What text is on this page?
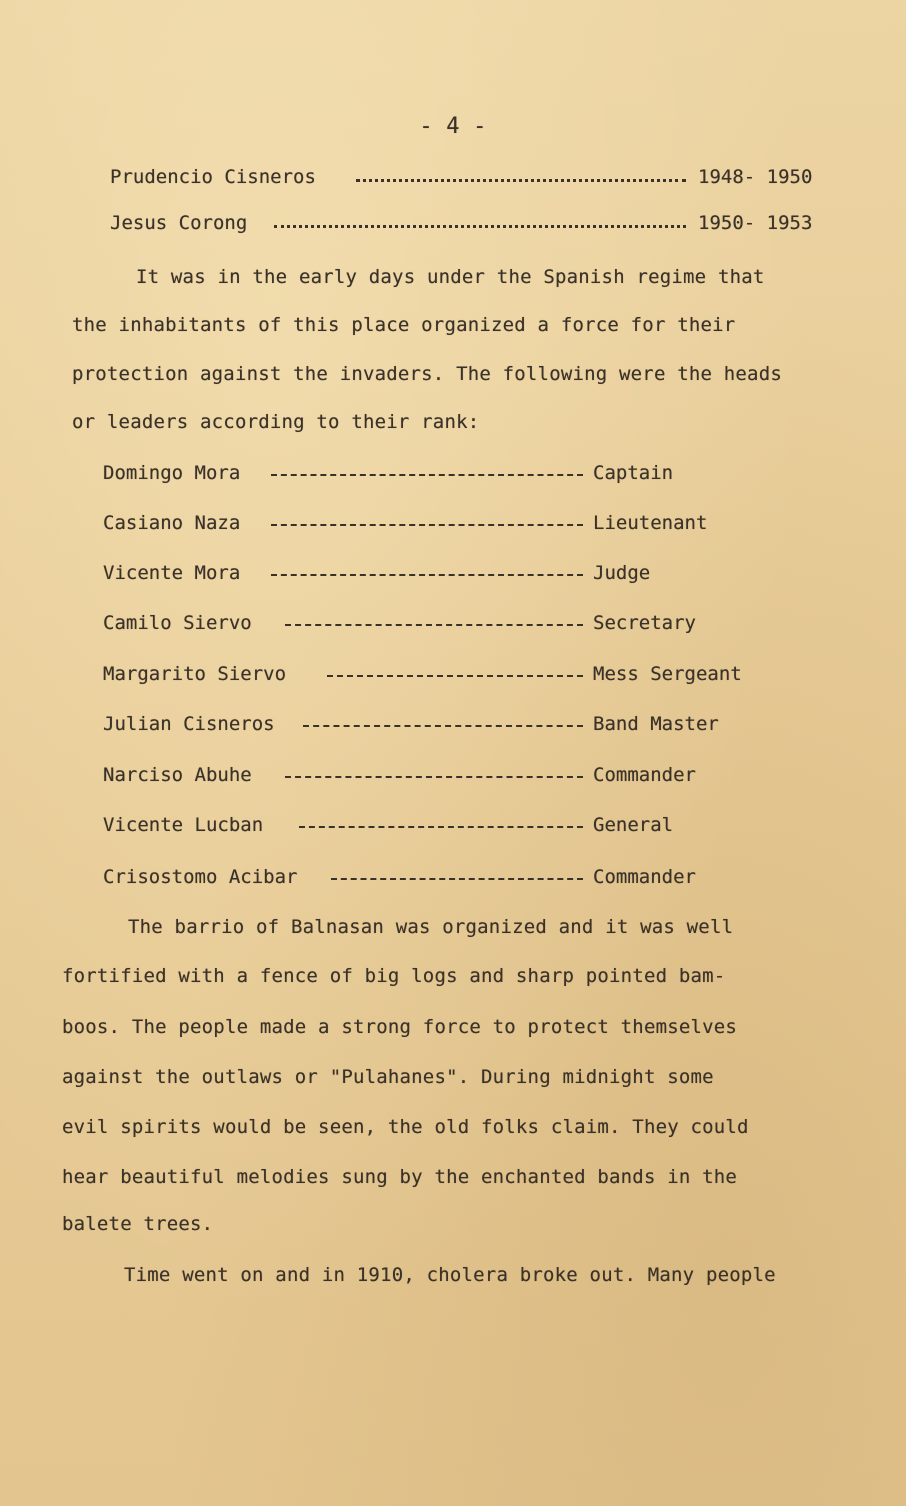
- 4 -
Prudencio Cisneros	1948- 1950
Jesus Corong	1950- 1953
It was in the early days under the Spanish regime that
the inhabitants of this place organized a force for their
protection against the invaders. The following were the heads
or leaders according to their rank:
Domingo Mora	Captain
Casiano Naza	Lieutenant
Vicente Mora	Judge
Camilo Siervo	Secretary
Margarito Siervo	Mess Sergeant
Julian Cisneros	Band Master
Narciso Abuhe	Commander
Vicente Lucban	General
Crisostomo Acibar	Commander
The barrio of Balnasan was organized and it was well
fortified with a fence of big logs and sharp pointed bam-
boos. The people made a strong force to protect themselves
against the outlaws or "Pulahanes". During midnight some
evil spirits would be seen, the old folks claim. They could
hear beautiful melodies sung by the enchanted bands in the
balete trees.
Time went on and in 1910, cholera broke out. Many people
